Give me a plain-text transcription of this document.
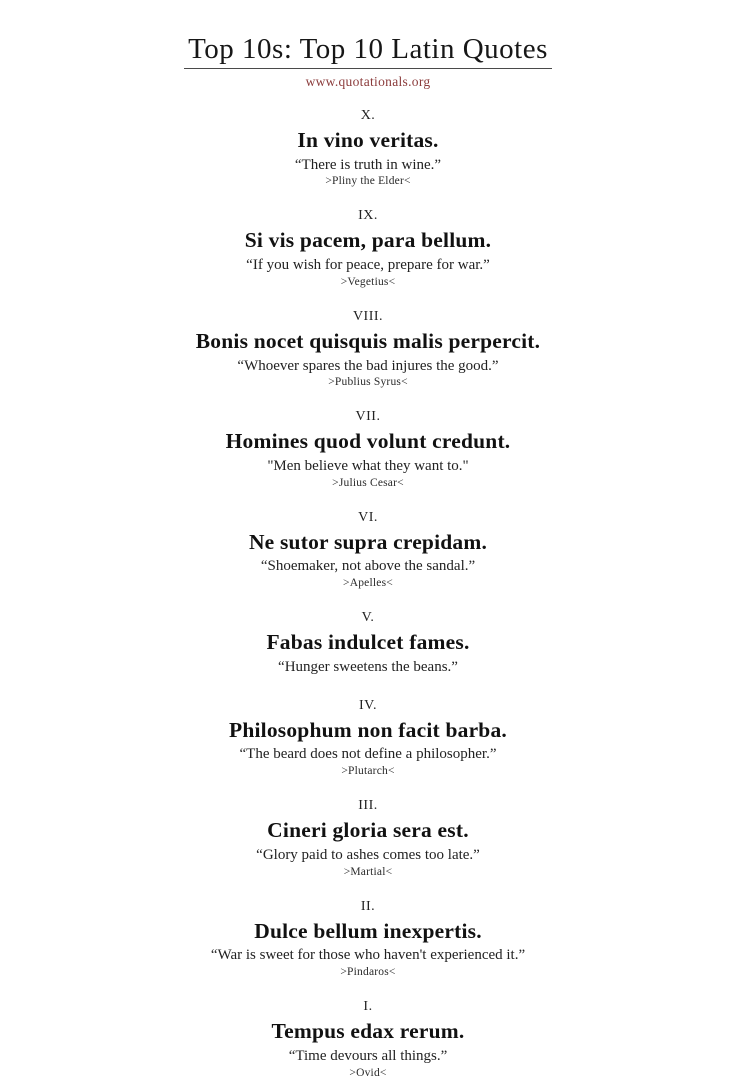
Top 10s: Top 10 Latin Quotes
www.quotationals.org
X.
In vino veritas.
“There is truth in wine.”
>Pliny the Elder<
IX.
Si vis pacem, para bellum.
“If you wish for peace, prepare for war.”
>Vegetius<
VIII.
Bonis nocet quisquis malis perpercit.
“Whoever spares the bad injures the good.”
>Publius Syrus<
VII.
Homines quod volunt credunt.
"Men believe what they want to."
>Julius Cesar<
VI.
Ne sutor supra crepidam.
“Shoemaker, not above the sandal.”
>Apelles<
V.
Fabas indulcet fames.
“Hunger sweetens the beans.”
IV.
Philosophum non facit barba.
“The beard does not define a philosopher.”
>Plutarch<
III.
Cineri gloria sera est.
“Glory paid to ashes comes too late.”
>Martial<
II.
Dulce bellum inexpertis.
“War is sweet for those who haven't experienced it.”
>Pindaros<
I.
Tempus edax rerum.
“Time devours all things.”
>Ovid<
